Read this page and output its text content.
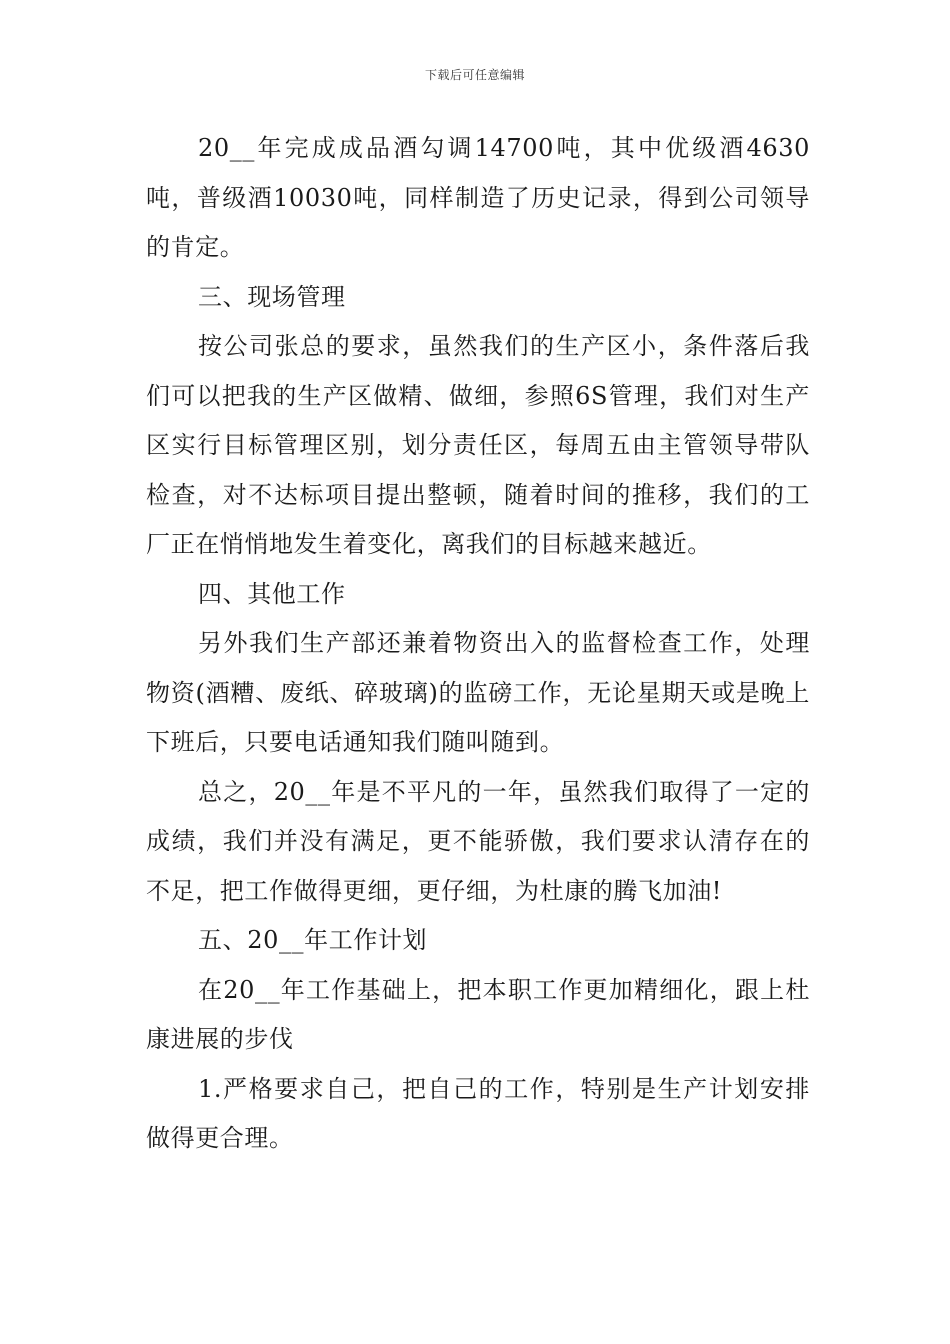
下载后可任意编辑

20__年完成成品酒勾调14700吨，其中优级酒4630吨，普级酒10030吨，同样制造了历史记录，得到公司领导的肯定。

三、现场管理

按公司张总的要求，虽然我们的生产区小，条件落后我们可以把我的生产区做精、做细，参照6S管理，我们对生产区实行目标管理区别，划分责任区，每周五由主管领导带队检查，对不达标项目提出整顿，随着时间的推移，我们的工厂正在悄悄地发生着变化，离我们的目标越来越近。

四、其他工作

另外我们生产部还兼着物资出入的监督检查工作，处理物资(酒糟、废纸、碎玻璃)的监磅工作，无论星期天或是晚上下班后，只要电话通知我们随叫随到。

总之，20__年是不平凡的一年，虽然我们取得了一定的成绩，我们并没有满足，更不能骄傲，我们要求认清存在的不足，把工作做得更细，更仔细，为杜康的腾飞加油!

五、20__年工作计划

在20__年工作基础上，把本职工作更加精细化，跟上杜康进展的步伐

1.严格要求自己，把自己的工作，特别是生产计划安排做得更合理。
